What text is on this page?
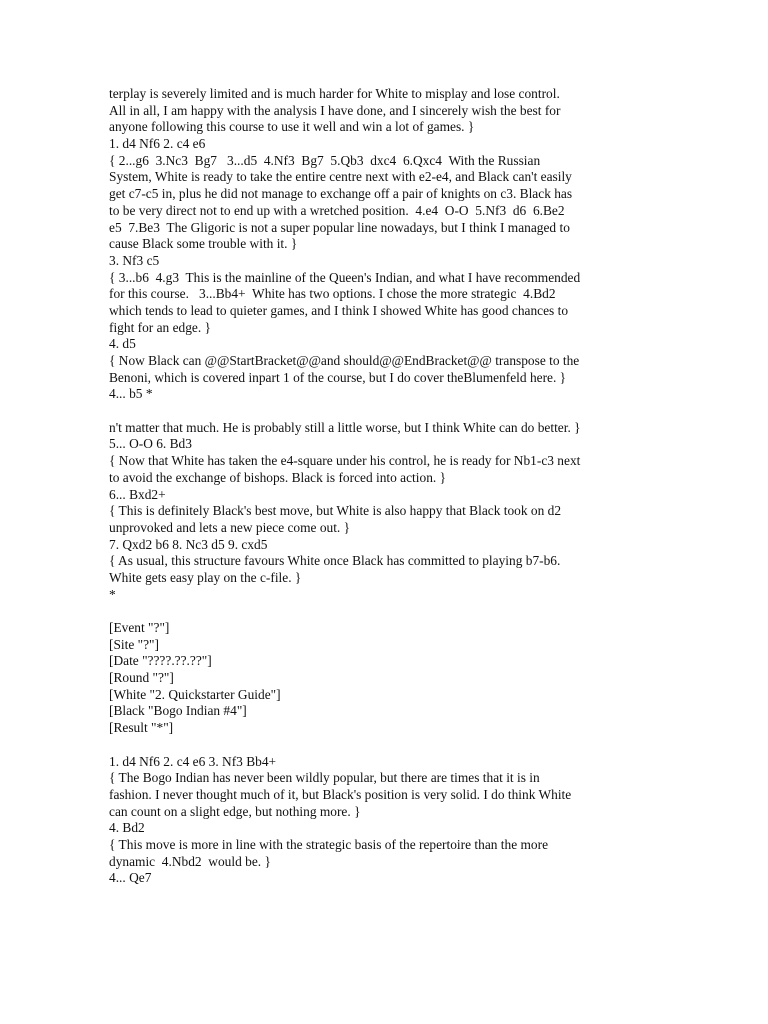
terplay is severely limited and is much harder for White to misplay and lose control.
All in all, I am happy with the analysis I have done, and I sincerely wish the best for
anyone following this course to use it well and win a lot of games. }
1. d4 Nf6 2. c4 e6
{ 2...g6  3.Nc3  Bg7   3...d5  4.Nf3  Bg7  5.Qb3  dxc4  6.Qxc4  With the Russian
System, White is ready to take the entire centre next with e2-e4, and Black can't easily
get c7-c5 in, plus he did not manage to exchange off a pair of knights on c3. Black has
to be very direct not to end up with a wretched position.  4.e4  O-O  5.Nf3  d6  6.Be2
e5  7.Be3  The Gligoric is not a super popular line nowadays, but I think I managed to
cause Black some trouble with it. }
3. Nf3 c5
{ 3...b6  4.g3  This is the mainline of the Queen's Indian, and what I have recommended
for this course.   3...Bb4+  White has two options. I chose the more strategic  4.Bd2
which tends to lead to quieter games, and I think I showed White has good chances to
fight for an edge. }
4. d5
{ Now Black can @@StartBracket@@and should@@EndBracket@@ transpose to the
Benoni, which is covered inpart 1 of the course, but I do cover theBlumenfeld here. }
4... b5 *
n't matter that much. He is probably still a little worse, but I think White can do better. }
5... O-O 6. Bd3
{ Now that White has taken the e4-square under his control, he is ready for Nb1-c3 next
to avoid the exchange of bishops. Black is forced into action. }
6... Bxd2+
{ This is definitely Black's best move, but White is also happy that Black took on d2
unprovoked and lets a new piece come out. }
7. Qxd2 b6 8. Nc3 d5 9. cxd5
{ As usual, this structure favours White once Black has committed to playing b7-b6.
White gets easy play on the c-file. }
*
[Event "?"]
[Site "?"]
[Date "????.??.??"]
[Round "?"]
[White "2. Quickstarter Guide"]
[Black "Bogo Indian #4"]
[Result "*"]
1. d4 Nf6 2. c4 e6 3. Nf3 Bb4+
{ The Bogo Indian has never been wildly popular, but there are times that it is in
fashion. I never thought much of it, but Black's position is very solid. I do think White
can count on a slight edge, but nothing more. }
4. Bd2
{ This move is more in line with the strategic basis of the repertoire than the more
dynamic  4.Nbd2  would be. }
4... Qe7
